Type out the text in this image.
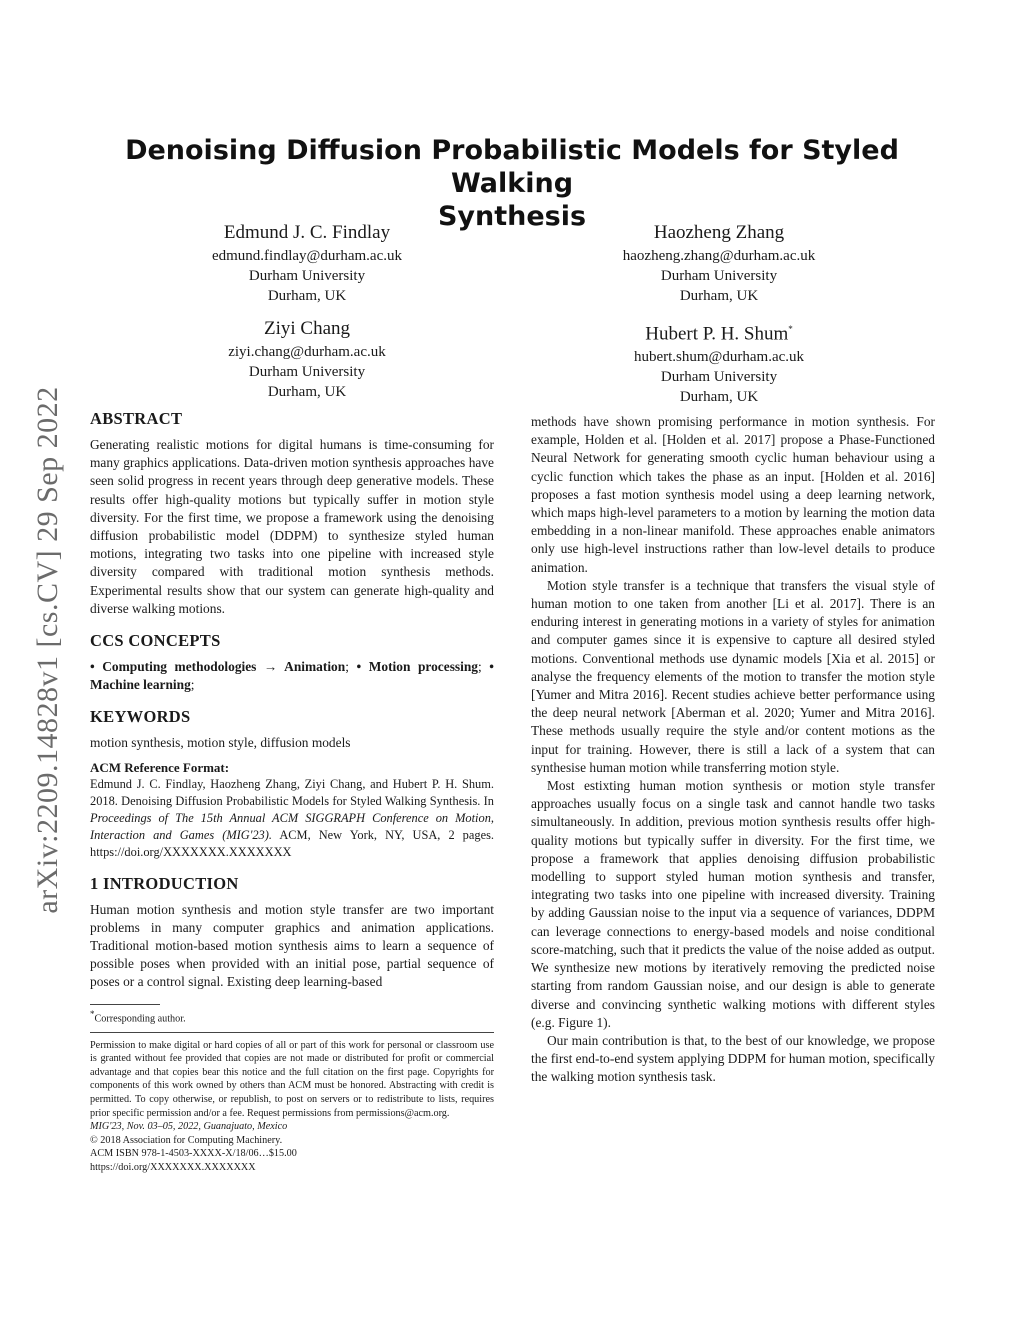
Denoising Diffusion Probabilistic Models for Styled Walking
Synthesis
Edmund J. C. Findlay
edmund.findlay@durham.ac.uk
Durham University
Durham, UK
Haozheng Zhang
haozheng.zhang@durham.ac.uk
Durham University
Durham, UK
Ziyi Chang
ziyi.chang@durham.ac.uk
Durham University
Durham, UK
Hubert P. H. Shum*
hubert.shum@durham.ac.uk
Durham University
Durham, UK
arXiv:2209.14828v1 [cs.CV] 29 Sep 2022 ABSTRACT

Generating realistic motions for digital humans is time-consuming for many graphics applications. Data-driven motion synthesis approaches have seen solid progress in recent years through deep generative models. These results offer high-quality motions but typically suffer in motion style diversity. For the first time, we propose a framework using the denoising diffusion probabilistic model (DDPM) to synthesize styled human motions, integrating two tasks into one pipeline with increased style diversity compared with traditional motion synthesis methods. Experimental results show that our system can generate high-quality and diverse walking motions.

CCS CONCEPTS

• Computing methodologies → Animation; • Motion processing; • Machine learning;

KEYWORDS

motion synthesis, motion style, diffusion models

ACM Reference Format:

Edmund J. C. Findlay, Haozheng Zhang, Ziyi Chang, and Hubert P. H. Shum. 2018. Denoising Diffusion Probabilistic Models for Styled Walking Synthesis. In Proceedings of The 15th Annual ACM SIGGRAPH Conference on Motion, Interaction and Games (MIG'23). ACM, New York, NY, USA, 2 pages. https://doi.org/XXXXXXX.XXXXXXX

1 INTRODUCTION

Human motion synthesis and motion style transfer are two important problems in many computer graphics and animation applications. Traditional motion-based motion synthesis aims to learn a sequence of possible poses when provided with an initial pose, partial sequence of poses or a control signal. Existing deep learning-based

*Corresponding author.

Permission to make digital or hard copies of all or part of this work for personal or classroom use is granted without fee provided that copies are not made or distributed for profit or commercial advantage and that copies bear this notice and the full citation on the first page. Copyrights for components of this work owned by others than ACM must be honored. Abstracting with credit is permitted. To copy otherwise, or republish, to post on servers or to redistribute to lists, requires prior specific permission and/or a fee. Request permissions from permissions@acm.org.

MIG'23, Nov. 03–05, 2022, Guanajuato, Mexico

© 2018 Association for Computing Machinery.

ACM ISBN 978-1-4503-XXXX-X/18/06…$15.00

https://doi.org/XXXXXXX.XXXXXXX

methods have shown promising performance in motion synthesis. For example, Holden et al. [Holden et al. 2017] propose a Phase-Functioned Neural Network for generating smooth cyclic human behaviour using a cyclic function which takes the phase as an input. [Holden et al. 2016] proposes a fast motion synthesis model using a deep learning network, which maps high-level parameters to a motion by learning the motion data embedding in a non-linear manifold. These approaches enable animators only use high-level instructions rather than low-level details to produce animation.

Motion style transfer is a technique that transfers the visual style of human motion to one taken from another [Li et al. 2017]. There is an enduring interest in generating motions in a variety of styles for animation and computer games since it is expensive to capture all desired styled motions. Conventional methods use dynamic models [Xia et al. 2015] or analyse the frequency elements of the motion to transfer the motion style [Yumer and Mitra 2016]. Recent studies achieve better performance using the deep neural network [Aberman et al. 2020; Yumer and Mitra 2016]. These methods usually require the style and/or content motions as the input for training. However, there is still a lack of a system that can synthesise human motion while transferring motion style.

Most estixting human motion synthesis or motion style transfer approaches usually focus on a single task and cannot handle two tasks simultaneously. In addition, previous motion synthesis results offer high-quality motions but typically suffer in diversity. For the first time, we propose a framework that applies denoising diffusion probabilistic modelling to support styled human motion synthesis and transfer, integrating two tasks into one pipeline with increased diversity. Training by adding Gaussian noise to the input via a sequence of variances, DDPM can leverage connections to energy-based models and noise conditional score-matching, such that it predicts the value of the noise added as output. We synthesize new motions by iteratively removing the predicted noise starting from random Gaussian noise, and our design is able to generate diverse and convincing synthetic walking motions with different styles (e.g. Figure 1).

Our main contribution is that, to the best of our knowledge, we propose the first end-to-end system applying DDPM for human motion, specifically the walking motion synthesis task.
